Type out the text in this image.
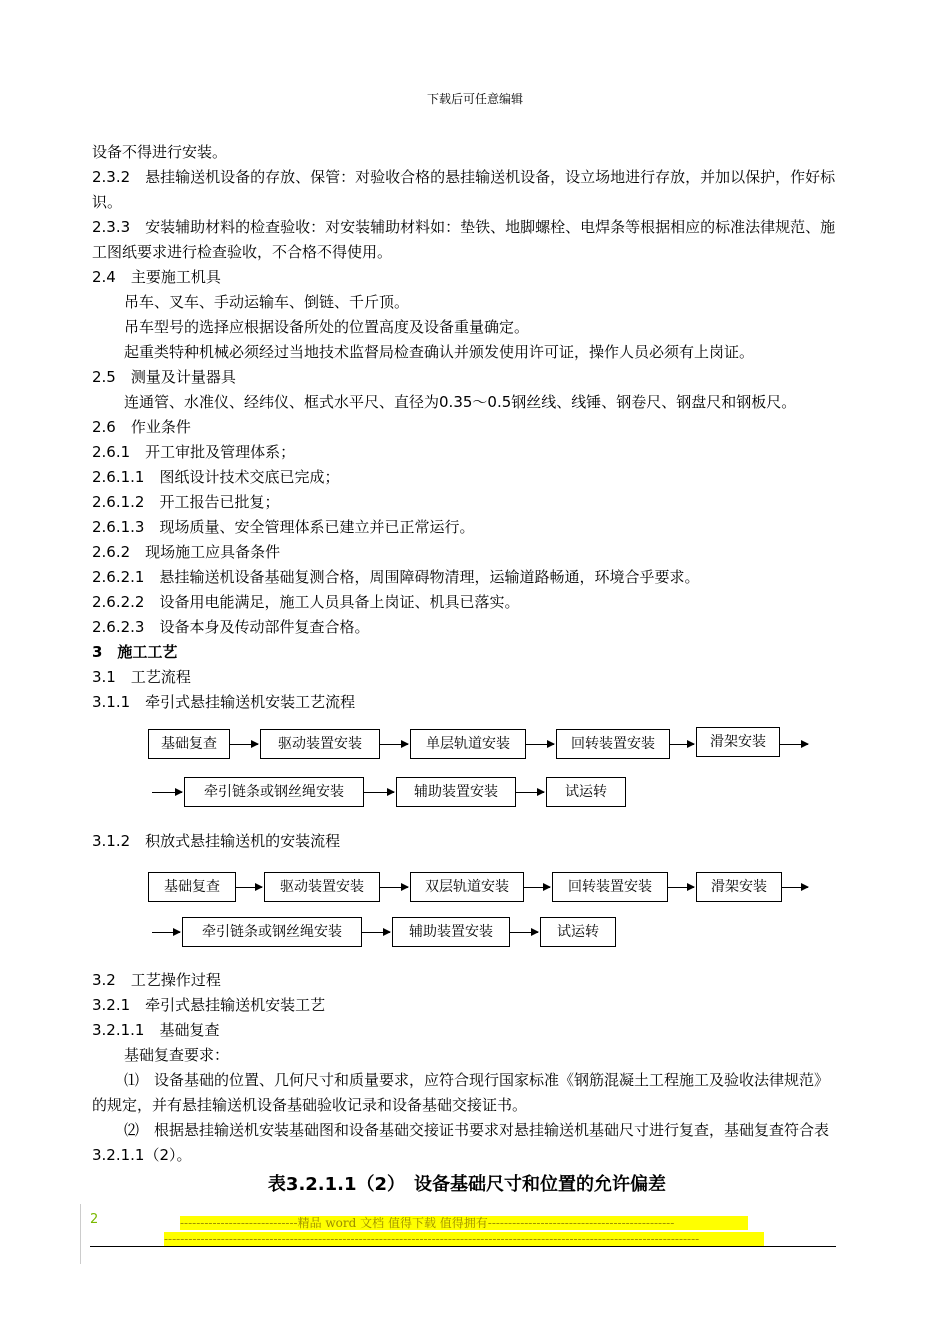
下载后可任意编辑
设备不得进行安装。
2.3.2　悬挂输送机设备的存放、保管：对验收合格的悬挂输送机设备，设立场地进行存放，并加以保护，作好标识。
2.3.3　安装辅助材料的检查验收：对安装辅助材料如：垫铁、地脚螺栓、电焊条等根据相应的标准法律规范、施工图纸要求进行检查验收，不合格不得使用。
2.4　主要施工机具
吊车、叉车、手动运输车、倒链、千斤顶。
吊车型号的选择应根据设备所处的位置高度及设备重量确定。
起重类特种机械必须经过当地技术监督局检查确认并颁发使用许可证，操作人员必须有上岗证。
2.5　测量及计量器具
连通管、水准仪、经纬仪、框式水平尺、直径为0.35～0.5钢丝线、线锤、钢卷尺、钢盘尺和钢板尺。
2.6　作业条件
2.6.1　开工审批及管理体系；
2.6.1.1　图纸设计技术交底已完成；
2.6.1.2　开工报告已批复；
2.6.1.3　现场质量、安全管理体系已建立并已正常运行。
2.6.2　现场施工应具备条件
2.6.2.1　悬挂输送机设备基础复测合格，周围障碍物清理，运输道路畅通，环境合乎要求。
2.6.2.2　设备用电能满足，施工人员具备上岗证、机具已落实。
2.6.2.3　设备本身及传动部件复查合格。
3　施工工艺
3.1　工艺流程
3.1.1　牵引式悬挂输送机安装工艺流程
基础复查	驱动装置安装	单层轨道安装	回转装置安装	滑架安装
牵引链条或钢丝绳安装	辅助装置安装	试运转
3.1.2　积放式悬挂输送机的安装流程
基础复查	驱动装置安装	双层轨道安装	回转装置安装	滑架安装
牵引链条或钢丝绳安装	辅助装置安装	试运转
3.2　工艺操作过程
3.2.1　牵引式悬挂输送机安装工艺
3.2.1.1　基础复查
基础复查要求：
⑴　设备基础的位置、几何尺寸和质量要求，应符合现行国家标准《钢筋混凝土工程施工及验收法律规范》的规定，并有悬挂输送机设备基础验收记录和设备基础交接证书。
⑵　根据悬挂输送机安装基础图和设备基础交接证书要求对悬挂输送机基础尺寸进行复查，基础复查符合表3.2.1.1（2）。
表3.2.1.1（2）　设备基础尺寸和位置的允许偏差
2	-----------------------------精品 word 文档 值得下载 值得拥有----------------------------------------------
------------------------------------------------------------------------------------------------------------------------------------
